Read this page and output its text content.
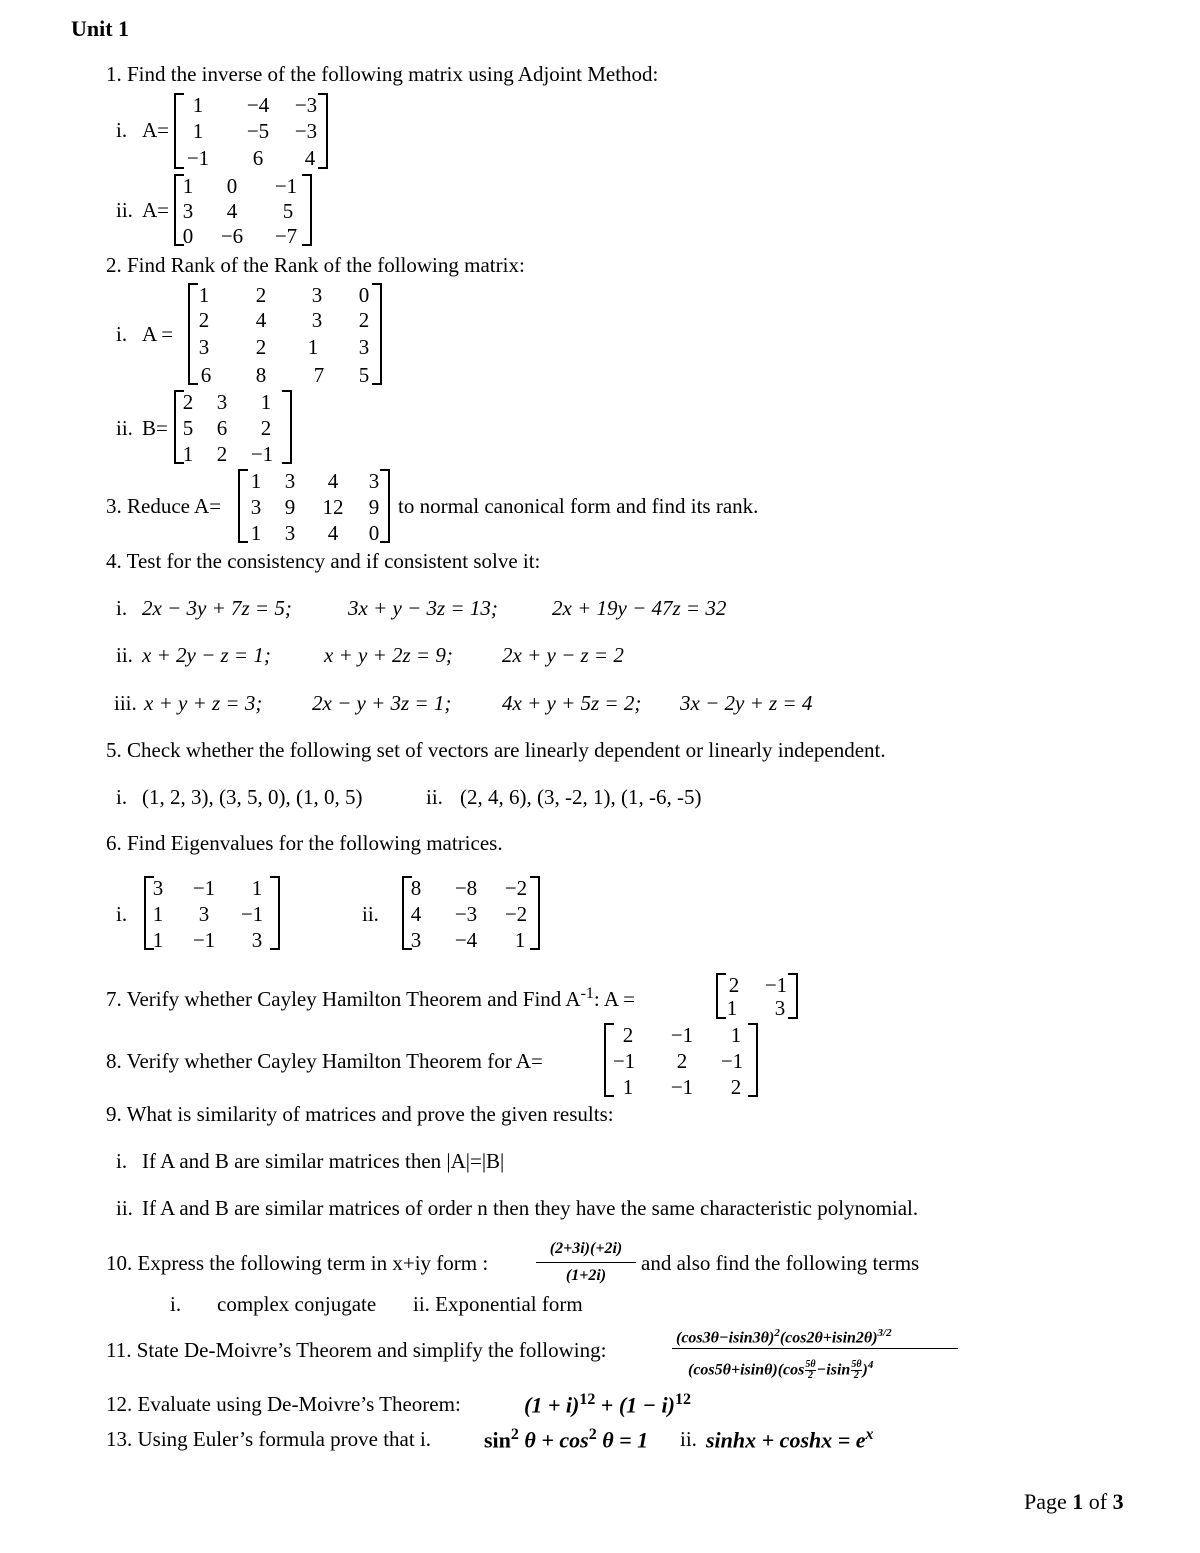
Unit 1
1. Find the inverse of the following matrix using Adjoint Method:
i. A=
1 −4 −3
1 −5 −3
−1 6 4
ii. A=
1 0 −1
3 4 5
0 −6 −7
2. Find Rank of the Rank of the following matrix:
i. A =
1 2 3 0
2 4 3 2
3 2 1 3
6 8 7 5
ii. B=
2 3 1
5 6 2
1 2 −1
3. Reduce A=
1 3 4 3
3 9 12 9
1 3 4 0
to normal canonical form and find its rank.
4. Test for the consistency and if consistent solve it:
i. 2x − 3y + 7z = 5;	3x + y − 3z = 13;	2x + 19y − 47z = 32
ii. x + 2y − z = 1;	x + y + 2z = 9; 2x + y − z = 2
iii. x + y + z = 3; 2x − y + 3z = 1; 4x + y + 5z = 2; 3x − 2y + z = 4
5. Check whether the following set of vectors are linearly dependent or linearly independent.
i. (1, 2, 3), (3, 5, 0), (1, 0, 5)	ii. (2, 4, 6), (3, -2, 1), (1, -6, -5)
6. Find Eigenvalues for the following matrices.
i.
3 −1 1
1 3 −1
1 −1 3
ii.
8 −8 −2
4 −3 −2
3 −4 1
7. Verify whether Cayley Hamilton Theorem and Find $A^{-1}$: A =
2 −1
1 3
8. Verify whether Cayley Hamilton Theorem for A=
2 −1 1
−1 2 −1
1 −1 2
9. What is similarity of matrices and prove the given results:
i. If A and B are similar matrices then |A|=|B|
ii. If A and B are similar matrices of order n then they have the same characteristic polynomial.
10. Express the following term in x+iy form :
(2+3i)(+2i)
(1+2i)
and also find the following terms
i. complex conjugate ii. Exponential form
11. State De-Moivre’s Theorem and simplify the following:
$(\cos 3\theta-isin3\theta)^2(\cos 2\theta+isin2\theta)^{3/2}$
$(\cos 5\theta+isin\theta)(\cos \frac{5\theta}{2} -isin \frac{5\theta}{2} )^4$
12. Evaluate using De-Moivre’s Theorem:	$(1 + i)^{12} + (1 - i)^{12}$
13. Using Euler’s formula prove that i. $\sin^2 \theta + \cos^2 \theta = 1$ ii. $\sinh x + \cosh x = e^x$
Page 1 of 3
